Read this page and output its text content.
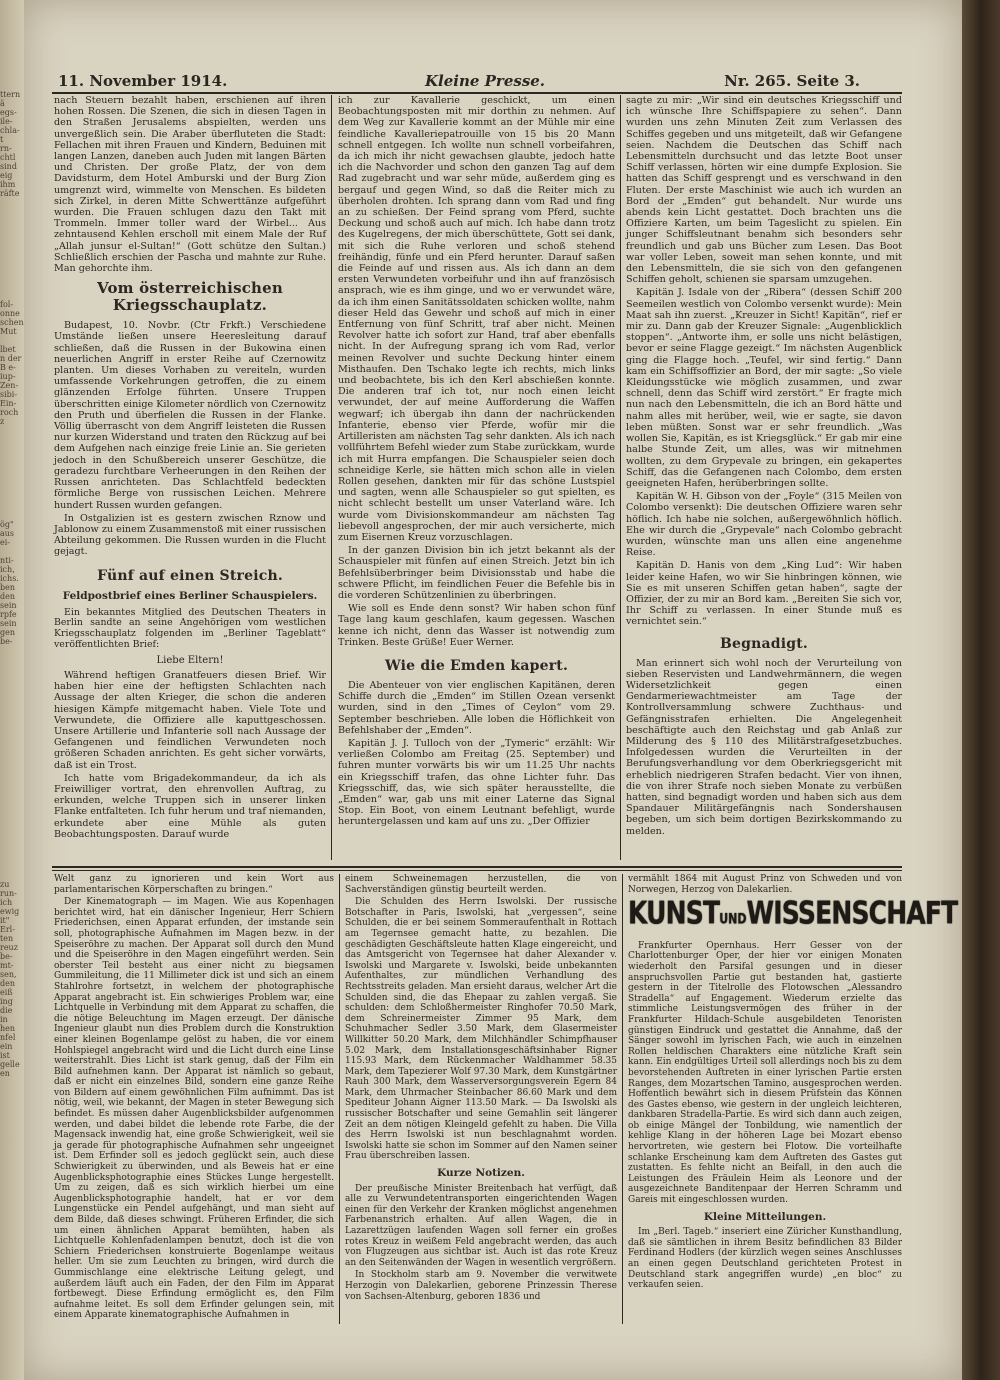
ttern
ä
egs-
ile-
chla-
t
rn-
chtl
sind
eig
ihm
räfte
fol-
onne
schen
Mut

lbet
n der
B e-
iup-
Zen-
sibi-
Ein-
roch
z
ög"
aus
ei-

nti-
ich,
ichs.
ben
den
sein
rpfe
sein
gen
be-
zu
run-
ich
ewig
it"
Erl-
ten
reuz
be-
mt-
sen,
den
eiß
ing
die
in
hen
nfel
ein
ist
gelle
en
11. November 1914.	Kleine Presse.	Nr. 265. Seite 3.

nach Steuern bezahlt haben, erschienen auf ihren hohen Rossen. Die Szenen, die sich in diesen Tagen in den Straßen Jerusalems abspielten, werden uns unvergeßlich sein. Die Araber überfluteten die Stadt: Fellachen mit ihren Frauen und Kindern, Beduinen mit langen Lanzen, daneben auch Juden mit langen Bärten und Christen. Der große Platz, der von dem Davidsturm, dem Hotel Amburski und der Burg Zion umgrenzt wird, wimmelte von Menschen. Es bildeten sich Zirkel, in deren Mitte Schwerttänze aufgeführt wurden. Die Frauen schlugen dazu den Takt mit Trommeln. Immer toller ward der Wirbel... Aus zehntausend Kehlen erscholl mit einem Male der Ruf „Allah junsur el-Sultan!“ (Gott schütze den Sultan.) Schließlich erschien der Pascha und mahnte zur Ruhe. Man gehorchte ihm.

Vom österreichischen Kriegsschauplatz.

Budapest, 10. Novbr. (Ctr Frkft.) Verschiedene Umstände ließen unsere Heeresleitung darauf schließen, daß die Russen in der Bukowina einen neuerlichen Angriff in erster Reihe auf Czernowitz planten. Um dieses Vorhaben zu vereiteln, wurden umfassende Vorkehrungen getroffen, die zu einem glänzenden Erfolge führten. Unsere Truppen überschritten einige Kilometer nördlich von Czernowitz den Pruth und überfielen die Russen in der Flanke. Völlig überrascht von dem Angriff leisteten die Russen nur kurzen Widerstand und traten den Rückzug auf bei dem Aufgehen nach einzige freie Linie an. Sie gerieten jedoch in den Schußbereich unserer Geschütze, die geradezu furchtbare Verheerungen in den Reihen der Russen anrichteten. Das Schlachtfeld bedeckten förmliche Berge von russischen Leichen. Mehrere hundert Russen wurden gefangen.

In Ostgalizien ist es gestern zwischen Rznow und Jablonow zu einem Zusammenstoß mit einer russischen Abteilung gekommen. Die Russen wurden in die Flucht gejagt.

Fünf auf einen Streich.
Feldpostbrief eines Berliner Schauspielers.

Ein bekanntes Mitglied des Deutschen Theaters in Berlin sandte an seine Angehörigen vom westlichen Kriegsschauplatz folgenden im „Berliner Tageblatt“ veröffentlichten Brief:

Liebe Eltern!

Während heftigen Granatfeuers diesen Brief. Wir haben hier eine der heftigsten Schlachten nach Aussage der alten Krieger, die schon die anderen hiesigen Kämpfe mitgemacht haben. Viele Tote und Verwundete, die Offiziere alle kaputtgeschossen. Unsere Artillerie und Infanterie soll nach Aussage der Gefangenen und feindlichen Verwundeten noch größeren Schaden anrichten. Es geht sicher vorwärts, daß ist ein Trost.

Ich hatte vom Brigadekommandeur, da ich als Freiwilliger vortrat, den ehrenvollen Auftrag, zu erkunden, welche Truppen sich in unserer linken Flanke entfalteten. Ich fuhr herum und traf niemanden, erkundete aber eine Mühle als guten Beobachtungsposten. Darauf wurde

ich zur Kavallerie geschickt, um einen Beobachtungsposten mit mir dorthin zu nehmen. Auf dem Weg zur Kavallerie kommt an der Mühle mir eine feindliche Kavalleriepatrouille von 15 bis 20 Mann schnell entgegen. Ich wollte nun schnell vorbeifahren, da ich mich ihr nicht gewachsen glaubte, jedoch hatte ich die Nachvorder und schon den ganzen Tag auf dem Rad zugebracht und war sehr müde, außerdem ging es bergauf und gegen Wind, so daß die Reiter mich zu überholen drohten. Ich sprang dann vom Rad und fing an zu schießen. Der Feind sprang vom Pferd, suchte Deckung und schoß auch auf mich. Ich habe dann trotz des Kugelregens, der mich überschüttete, Gott sei dank, mit sich die Ruhe verloren und schoß stehend freihändig, fünfe und ein Pferd herunter. Darauf saßen die Feinde auf und rissen aus. Als ich dann an dem ersten Verwundeten vorbeifuhr und ihn auf französisch ansprach, wie es ihm ginge, und wo er verwundet wäre, da ich ihm einen Sanitätssoldaten schicken wollte, nahm dieser Held das Gewehr und schoß auf mich in einer Entfernung von fünf Schritt, traf aber nicht. Meinen Revolver hatte ich sofort zur Hand, traf aber ebenfalls nicht. In der Aufregung sprang ich vom Rad, verlor meinen Revolver und suchte Deckung hinter einem Misthaufen. Den Tschako legte ich rechts, mich links und beobachtete, bis ich den Kerl abschießen konnte. Die anderen traf ich tot, nur noch einen leicht verwundet, der auf meine Aufforderung die Waffen wegwarf; ich übergab ihn dann der nachrückenden Infanterie, ebenso vier Pferde, wofür mir die Artilleristen am nächsten Tag sehr dankten. Als ich nach vollführtem Befehl wieder zum Stabe zurückkam, wurde ich mit Hurra empfangen. Die Schauspieler seien doch schneidige Kerle, sie hätten mich schon alle in vielen Rollen gesehen, dankten mir für das schöne Lustspiel und sagten, wenn alle Schauspieler so gut spielten, es nicht schlecht bestellt um unser Vaterland wäre. Ich wurde vom Divisionskommandeur am nächsten Tag liebevoll angesprochen, der mir auch versicherte, mich zum Eisernen Kreuz vorzuschlagen.

In der ganzen Division bin ich jetzt bekannt als der Schauspieler mit fünfen auf einen Streich. Jetzt bin ich Befehlsüberbringer beim Divisionsstab und habe die schwere Pflicht, im feindlichen Feuer die Befehle bis in die vorderen Schützenlinien zu überbringen.

Wie soll es Ende denn sonst? Wir haben schon fünf Tage lang kaum geschlafen, kaum gegessen. Waschen kenne ich nicht, denn das Wasser ist notwendig zum Trinken. Beste Grüße! Euer Werner.

Wie die Emden kapert.

Die Abenteuer von vier englischen Kapitänen, deren Schiffe durch die „Emden“ im Stillen Ozean versenkt wurden, sind in den „Times of Ceylon“ vom 29. September beschrieben. Alle loben die Höflichkeit von Befehlshaber der „Emden“.

Kapitän J. J. Tulloch von der „Tymeric“ erzählt: Wir verließen Colombo am Freitag (25. September) und fuhren munter vorwärts bis wir um 11.25 Uhr nachts ein Kriegsschiff trafen, das ohne Lichter fuhr. Das Kriegsschiff, das, wie sich später herausstellte, die „Emden“ war, gab uns mit einer Laterne das Signal Stop. Ein Boot, von einem Leutnant befehligt, wurde heruntergelassen und kam auf uns zu. „Der Offizier

sagte zu mir: „Wir sind ein deutsches Kriegsschiff und ich wünsche Ihre Schiffspapiere zu sehen“. Dann wurden uns zehn Minuten Zeit zum Verlassen des Schiffes gegeben und uns mitgeteilt, daß wir Gefangene seien. Nachdem die Deutschen das Schiff nach Lebensmitteln durchsucht und das letzte Boot unser Schiff verlassen, hörten wir eine dumpfe Explosion. Sie hatten das Schiff gesprengt und es verschwand in den Fluten. Der erste Maschinist wie auch ich wurden an Bord der „Emden“ gut behandelt. Nur wurde uns abends kein Licht gestattet. Doch brachten uns die Offiziere Karten, um beim Tageslicht zu spielen. Ein junger Schiffsleutnant benahm sich besonders sehr freundlich und gab uns Bücher zum Lesen. Das Boot war voller Leben, soweit man sehen konnte, und mit den Lebensmitteln, die sie sich von den gefangenen Schiffen geholt, schienen sie sparsam umzugehen.

Kapitän J. Isdale von der „Ribera“ (dessen Schiff 200 Seemeilen westlich von Colombo versenkt wurde): Mein Maat sah ihn zuerst. „Kreuzer in Sicht! Kapitän“, rief er mir zu. Dann gab der Kreuzer Signale: „Augenblicklich stoppen“. „Antworte ihm, er solle uns nicht belästigen, bevor er seine Flagge gezeigt.“ Im nächsten Augenblick ging die Flagge hoch. „Teufel, wir sind fertig.“ Dann kam ein Schiffsoffizier an Bord, der mir sagte: „So viele Kleidungsstücke wie möglich zusammen, und zwar schnell, denn das Schiff wird zerstört.“ Er fragte mich nun nach den Lebensmitteln, die ich an Bord hätte und nahm alles mit herüber, weil, wie er sagte, sie davon leben müßten. Sonst war er sehr freundlich. „Was wollen Sie, Kapitän, es ist Kriegsglück.“ Er gab mir eine halbe Stunde Zeit, um alles, was wir mitnehmen wollten, zu dem Grypevale zu bringen, ein gekapertes Schiff, das die Gefangenen nach Colombo, dem ersten geeigneten Hafen, herüberbringen sollte.

Kapitän W. H. Gibson von der „Foyle“ (315 Meilen von Colombo versenkt): Die deutschen Offiziere waren sehr höflich. Ich habe nie solchen, außergewöhnlich höflich. Ehe wir durch die „Grypevale“ nach Colombo gebracht wurden, wünschte man uns allen eine angenehme Reise.

Kapitän D. Hanis von dem „King Lud“: Wir haben leider keine Hafen, wo wir Sie hinbringen können, wie Sie es mit unseren Schiffen getan haben“, sagte der Offizier, der zu mir an Bord kam. „Bereiten Sie sich vor, Ihr Schiff zu verlassen. In einer Stunde muß es vernichtet sein.“

Begnadigt.

Man erinnert sich wohl noch der Verurteilung von sieben Reservisten und Landwehrmännern, die wegen Widersetzlichkeit gegen einen Gendarmeriewachtmeister am Tage der Kontrollversammlung schwere Zuchthaus- und Gefängnisstrafen erhielten. Die Angelegenheit beschäftigte auch den Reichstag und gab Anlaß zur Milderung des § 110 des Militärstrafgesetzbuches. Infolgedessen wurden die Verurteilten in der Berufungsverhandlung vor dem Oberkriegsgericht mit erheblich niedrigeren Strafen bedacht. Vier von ihnen, die von ihrer Strafe noch sieben Monate zu verbüßen hatten, sind begnadigt worden und haben sich aus dem Spandauer Militärgefängnis nach Sondershausen begeben, um sich beim dortigen Bezirkskommando zu melden.

Welt ganz zu ignorieren und kein Wort aus parlamentarischen Körperschaften zu bringen.“

Der Kinematograph — im Magen. Wie aus Kopenhagen berichtet wird, hat ein dänischer Ingenieur, Herr Schiern Friederichsen, einen Apparat erfunden, der imstande sein soll, photographische Aufnahmen im Magen bezw. in der Speiseröhre zu machen. Der Apparat soll durch den Mund und die Speiseröhre in den Magen eingeführt werden. Sein oberster Teil besteht aus einer nicht zu biegsamen Gummileitung, die 11 Millimeter dick ist und sich an einem Stahlrohre fortsetzt, in welchem der photographische Apparat angebracht ist. Ein schwieriges Problem war, eine Lichtquelle in Verbindung mit dem Apparat zu schaffen, die die nötige Beleuchtung im Magen erzeugt. Der dänische Ingenieur glaubt nun dies Problem durch die Konstruktion einer kleinen Bogenlampe gelöst zu haben, die vor einem Hohlspiegel angebracht wird und die Licht durch eine Linse weiterstrahlt. Dies Licht ist stark genug, daß der Film ein Bild aufnehmen kann. Der Apparat ist nämlich so gebaut, daß er nicht ein einzelnes Bild, sondern eine ganze Reihe von Bildern auf einem gewöhnlichen Film aufnimmt. Das ist nötig, weil, wie bekannt, der Magen in steter Bewegung sich befindet. Es müssen daher Augenblicksbilder aufgenommen werden, und dabei bildet die lebende rote Farbe, die der Magensack inwendig hat, eine große Schwierigkeit, weil sie ja gerade für photographische Aufnahmen sehr ungeeignet ist. Dem Erfinder soll es jedoch geglückt sein, auch diese Schwierigkeit zu überwinden, und als Beweis hat er eine Augenblicksphotographie eines Stückes Lunge hergestellt. Um zu zeigen, daß es sich wirklich hierbei um eine Augenblicksphotographie handelt, hat er vor dem Lungenstücke ein Pendel aufgehängt, und man sieht auf dem Bilde, daß dieses schwingt. Früheren Erfinder, die sich um einen ähnlichen Apparat bemühten, haben als Lichtquelle Kohlenfadenlampen benutzt, doch ist die von Schiern Friederichsen konstruierte Bogenlampe weitaus heller. Um sie zum Leuchten zu bringen, wird durch die Gummischlange eine elektrische Leitung gelegt, und außerdem läuft auch ein Faden, der den Film im Apparat fortbewegt. Diese Erfindung ermöglicht es, den Film aufnahme leitet. Es soll dem Erfinder gelungen sein, mit einem Apparate kinematographische Aufnahmen in

einem Schweinemagen herzustellen, die von Sachverständigen günstig beurteilt werden.

Die Schulden des Herrn Iswolski. Der russische Botschafter in Paris, Iswolski, hat „vergessen“, seine Schulden, die er bei seinem Sommeraufenthalt in Rottach am Tegernsee gemacht hatte, zu bezahlen. Die geschädigten Geschäftsleute hatten Klage eingereicht, und das Amtsgericht von Tegernsee hat daher Alexander v. Iswolski und Margarete v. Iswolski, beide unbekannten Aufenthaltes, zur mündlichen Verhandlung des Rechtsstreits geladen. Man ersieht daraus, welcher Art die Schulden sind, die das Ehepaar zu zahlen vergaß. Sie schulden: dem Schloßhermeister Ringhofer 70.50 Mark, dem Schreinermeister Zimmer 95 Mark, dem Schuhmacher Sedler 3.50 Mark, dem Glasermeister Willkitter 50.20 Mark, dem Milchhändler Schimpfhauser 5.02 Mark, dem Installationsgeschäftsinhaber Rigner 115.93 Mark, dem Rückenmacher Waldhammer 58.35 Mark, dem Tapezierer Wolf 97.30 Mark, dem Kunstgärtner Rauh 300 Mark, dem Wasserversorgungsverein Egern 84 Mark, dem Uhrmacher Steinbacher 86.60 Mark und dem Spediteur Johann Aigner 113.50 Mark. — Da Iswolski als russischer Botschafter und seine Gemahlin seit längerer Zeit an dem nötigen Kleingeld gefehlt zu haben. Die Villa des Herrn Iswolski ist nun beschlagnahmt worden. Iswolski hatte sie schon im Sommer auf den Namen seiner Frau überschreiben lassen.

Kurze Notizen.

Der preußische Minister Breitenbach hat verfügt, daß alle zu Verwundetentransporten eingerichtenden Wagen einen für den Verkehr der Kranken möglichst angenehmen Farbenanstrich erhalten. Auf allen Wagen, die in Lazarettzügen laufenden Wagen soll ferner ein großes rotes Kreuz in weißem Feld angebracht werden, das auch von Flugzeugen aus sichtbar ist. Auch ist das rote Kreuz an den Seitenwänden der Wagen in wesentlich vergrößern.

In Stockholm starb am 9. November die verwitwete Herzogin von Dalekarlien, geborene Prinzessin Therese von Sachsen-Altenburg, geboren 1836 und

vermählt 1864 mit August Prinz von Schweden und von Norwegen, Herzog von Dalekarlien.

KUNSTUNDWISSENSCHAFT

Frankfurter Opernhaus. Herr Gesser von der Charlottenburger Oper, der hier vor einigen Monaten wiederholt den Parsifal gesungen und in dieser anspruchsvollen Partie gut bestanden hat, gastierte gestern in der Titelrolle des Flotowschen „Alessandro Stradella“ auf Engagement. Wiederum erzielte das stimmliche Leistungsvermögen des früher in der Frankfurter Hildach-Schule ausgebildeten Tenoristen günstigen Eindruck und gestattet die Annahme, daß der Sänger sowohl im lyrischen Fach, wie auch in einzelnen Rollen heldischen Charakters eine nützliche Kraft sein kann. Ein endgültiges Urteil soll allerdings noch bis zu dem bevorstehenden Auftreten in einer lyrischen Partie ersten Ranges, dem Mozartschen Tamino, ausgesprochen werden. Hoffentlich bewährt sich in diesem Prüfstein das Können des Gastes ebenso, wie gestern in der ungleich leichteren, dankbaren Stradella-Partie. Es wird sich dann auch zeigen, ob einige Mängel der Tonbildung, wie namentlich der kehlige Klang in der höheren Lage bei Mozart ebenso hervortreten, wie gestern bei Flotow. Die vorteilhafte schlanke Erscheinung kam dem Auftreten des Gastes gut zustatten. Es fehlte nicht an Beifall, in den auch die Leistungen des Fräulein Heim als Leonore und der ausgezeichnete Banditenpaar der Herren Schramm und Gareis mit eingeschlossen wurden.

Kleine Mitteilungen.

Im „Berl. Tageb.“ inseriert eine Züricher Kunsthandlung, daß sie sämtlichen in ihrem Besitz befindlichen 83 Bilder Ferdinand Hodlers (der kürzlich wegen seines Anschlusses an einen gegen Deutschland gerichteten Protest in Deutschland stark angegriffen wurde) „en bloc“ zu verkaufen seien.
